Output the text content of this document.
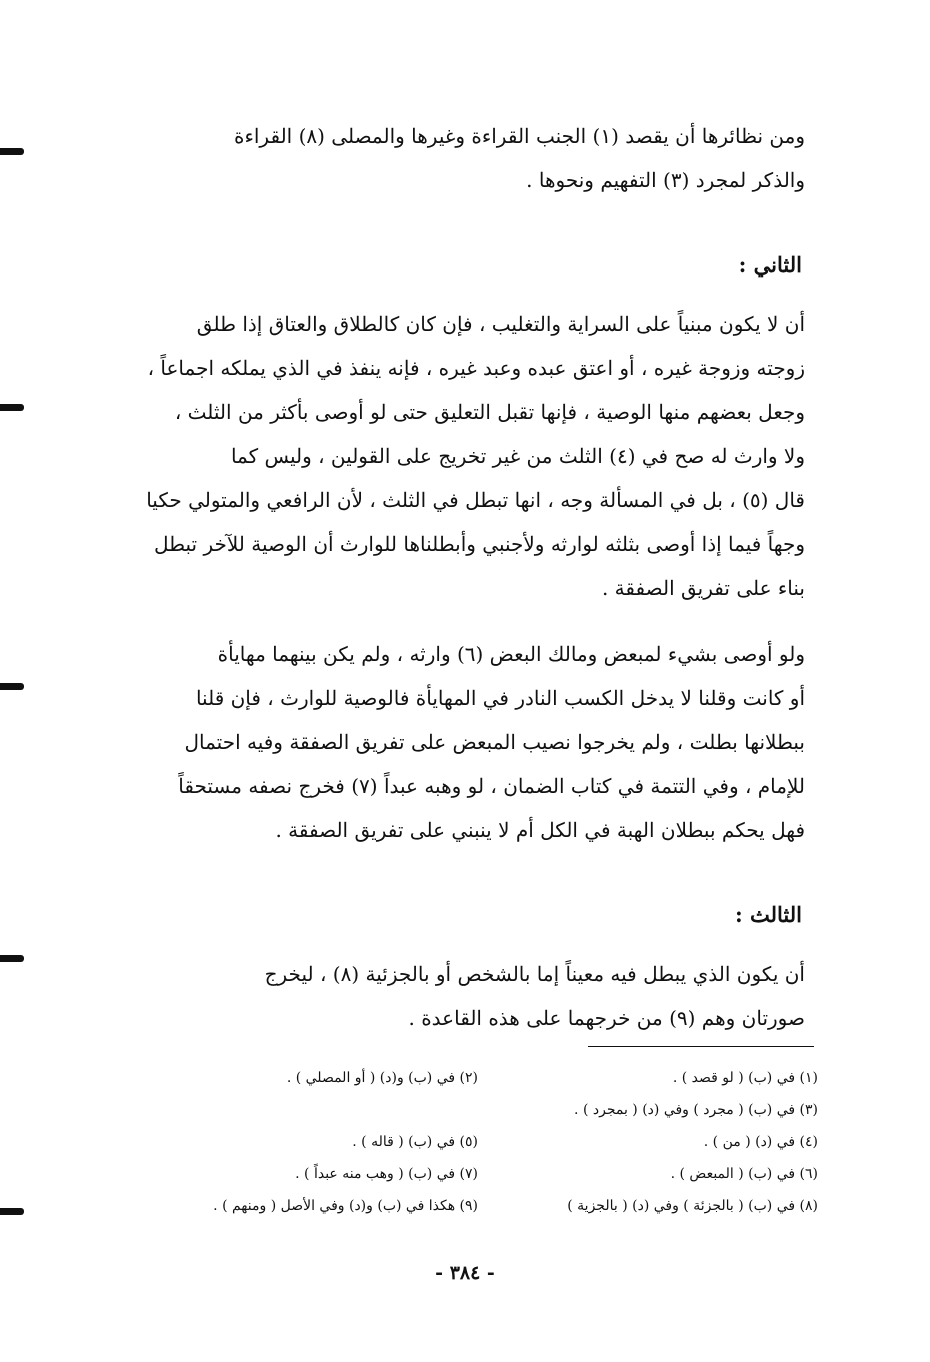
ومن نظائرها أن يقصد (١) الجنب القراءة وغيرها والمصلى (٨) القراءة
والذكر لمجرد (٣) التفهيم ونحوها .
الثاني :
أن لا يكون مبنياً على السراية والتغليب ، فإن كان كالطلاق والعتاق إذا طلق
زوجته وزوجة غيره ، أو اعتق عبده وعبد غيره ، فإنه ينفذ في الذي يملكه اجماعاً ،
وجعل بعضهم منها الوصية ، فإنها تقبل التعليق حتى لو أوصى بأكثر من الثلث ،
ولا وارث له صح في (٤) الثلث من غير تخريج على القولين ، وليس كما
قال (٥) ، بل في المسألة وجه ، انها تبطل في الثلث ، لأن الرافعي والمتولي حكيا
وجهاً فيما إذا أوصى بثلثه لوارثه ولأجنبي وأبطلناها للوارث أن الوصية للآخر تبطل
بناء على تفريق الصفقة .
ولو أوصى بشيء لمبعض ومالك البعض (٦) وارثه ، ولم يكن بينهما مهايأة
أو كانت وقلنا لا يدخل الكسب النادر في المهايأة فالوصية للوارث ، فإن قلنا
ببطلانها بطلت ، ولم يخرجوا نصيب المبعض على تفريق الصفقة وفيه احتمال
للإمام ، وفي التتمة في كتاب الضمان ، لو وهبه عبداً (٧) فخرج نصفه مستحقاً
فهل يحكم ببطلان الهبة في الكل أم لا ينبني على تفريق الصفقة .
الثالث :
أن يكون الذي يبطل فيه معيناً إما بالشخص أو بالجزئية (٨) ، ليخرج
صورتان وهم (٩) من خرجهما على هذه القاعدة .
(١) في (ب) ( لو قصد ) .
(٢) في (ب) و(د) ( أو المصلي ) .
(٣) في (ب) ( مجرد ) وفي (د) ( بمجرد ) .
(٤) في (د) ( من ) .
(٥) في (ب) ( قاله ) .
(٦) في (ب) ( المبعض ) .
(٧) في (ب) ( وهب منه عبداً ) .
(٨) في (ب) ( بالجزئة ) وفي (د) ( بالجزية )
(٩) هكذا في (ب) و(د) وفي الأصل ( ومنهم ) .
- ٣٨٤ -
